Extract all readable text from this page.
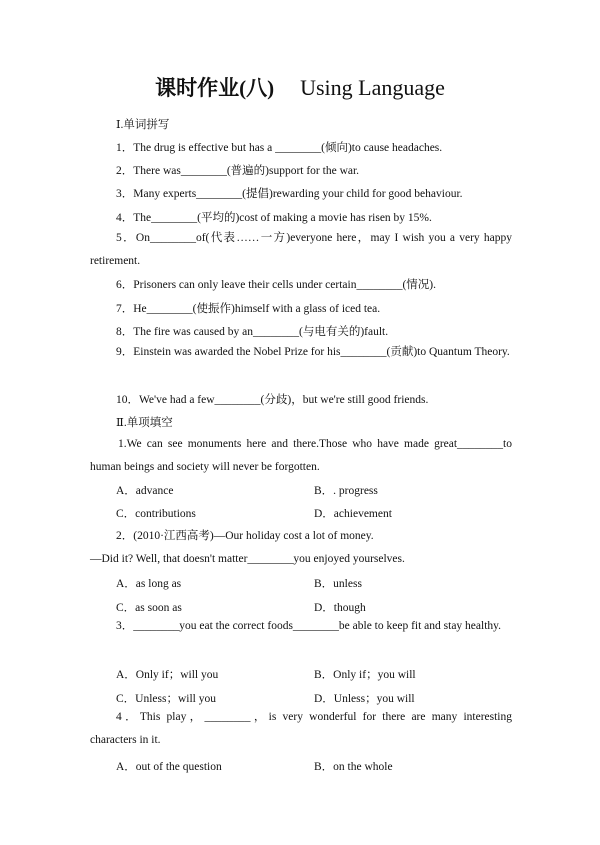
课时作业(八) Using Language
Ⅰ.单词拼写
1．The drug is effective but has a ________(倾向)to cause headaches.
2．There was________(普遍的)support for the war.
3．Many experts________(提倡)rewarding your child for good behaviour.
4．The________(平均的)cost of making a movie has risen by 15%.
5．On________of(代表……一方)everyone here，may I wish you a very happy retirement.
6．Prisoners can only leave their cells under certain________(情况).
7．He________(使振作)himself with a glass of iced tea.
8．The fire was caused by an________(与电有关的)fault.
9．Einstein was awarded the Nobel Prize for his________(贡献)to Quantum Theory.
10．We've had a few________(分歧)，but we're still good friends.
Ⅱ.单项填空
1.We can see monuments here and there.Those who have made great________to human beings and society will never be forgotten.
A．advance	B．. progress
C．contributions	D．achievement
2．(2010·江西高考)—Our holiday cost a lot of money.
—Did it? Well, that doesn't matter________you enjoyed yourselves.
A．as long as	B．unless
C．as soon as	D．though
3．________you eat the correct foods________be able to keep fit and stay healthy.
A．Only if；will you	B．Only if；you will
C．Unless；will you	D．Unless；you will
4．This play，________，is very wonderful for there are many interesting characters in it.
A．out of the question	B．on the whole
